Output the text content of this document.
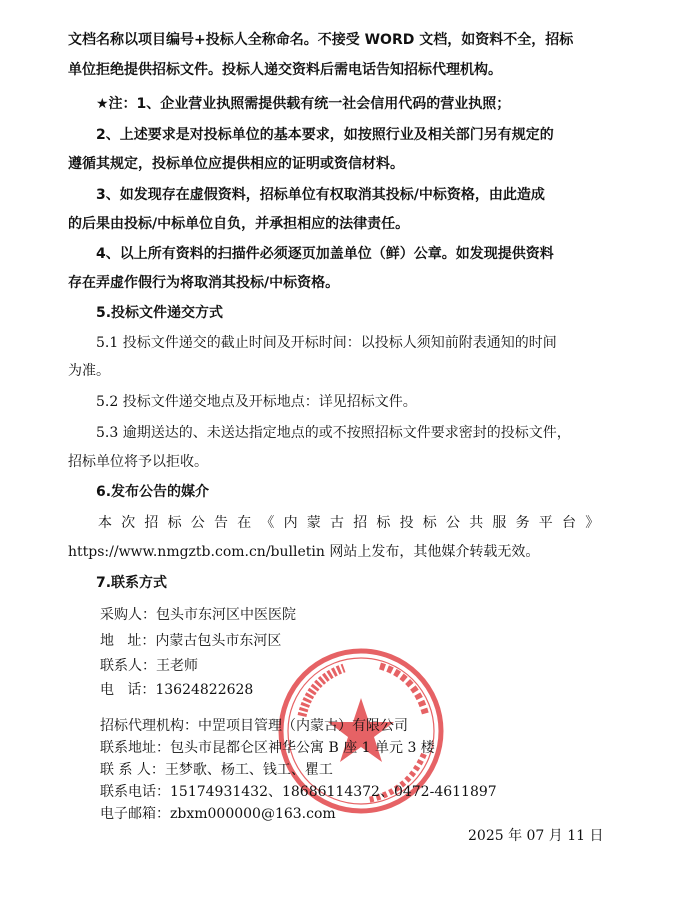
文档名称以项目编号+投标人全称命名。不接受 WORD 文档，如资料不全，招标
单位拒绝提供招标文件。投标人递交资料后需电话告知招标代理机构。
★注：1、企业营业执照需提供载有统一社会信用代码的营业执照；
2、上述要求是对投标单位的基本要求，如按照行业及相关部门另有规定的
遵循其规定，投标单位应提供相应的证明或资信材料。
3、如发现存在虚假资料，招标单位有权取消其投标/中标资格，由此造成
的后果由投标/中标单位自负，并承担相应的法律责任。
4、以上所有资料的扫描件必须逐页加盖单位（鲜）公章。如发现提供资料
存在弄虚作假行为将取消其投标/中标资格。
5.投标文件递交方式
5.1 投标文件递交的截止时间及开标时间：以投标人须知前附表通知的时间
为准。
5.2 投标文件递交地点及开标地点：详见招标文件。
5.3 逾期送达的、未送达指定地点的或不按照招标文件要求密封的投标文件，
招标单位将予以拒收。
6.发布公告的媒介
本次招标公告在《内蒙古招标投标公共服务平台》
https://www.nmgztb.com.cn/bulletin 网站上发布，其他媒介转载无效。
7.联系方式
采购人：包头市东河区中医医院
地   址：内蒙古包头市东河区
联系人：王老师
电   话：13624822628
招标代理机构：中罡项目管理（内蒙古）有限公司
联系地址：包头市昆都仑区神华公寓 B 座 1 单元 3 楼
联 系 人：王梦歌、杨工、钱工、瞿工
联系电话：15174931432、18686114372、0472-4611897
电子邮箱：zbxm000000@163.com
2025 年 07 月 11 日
